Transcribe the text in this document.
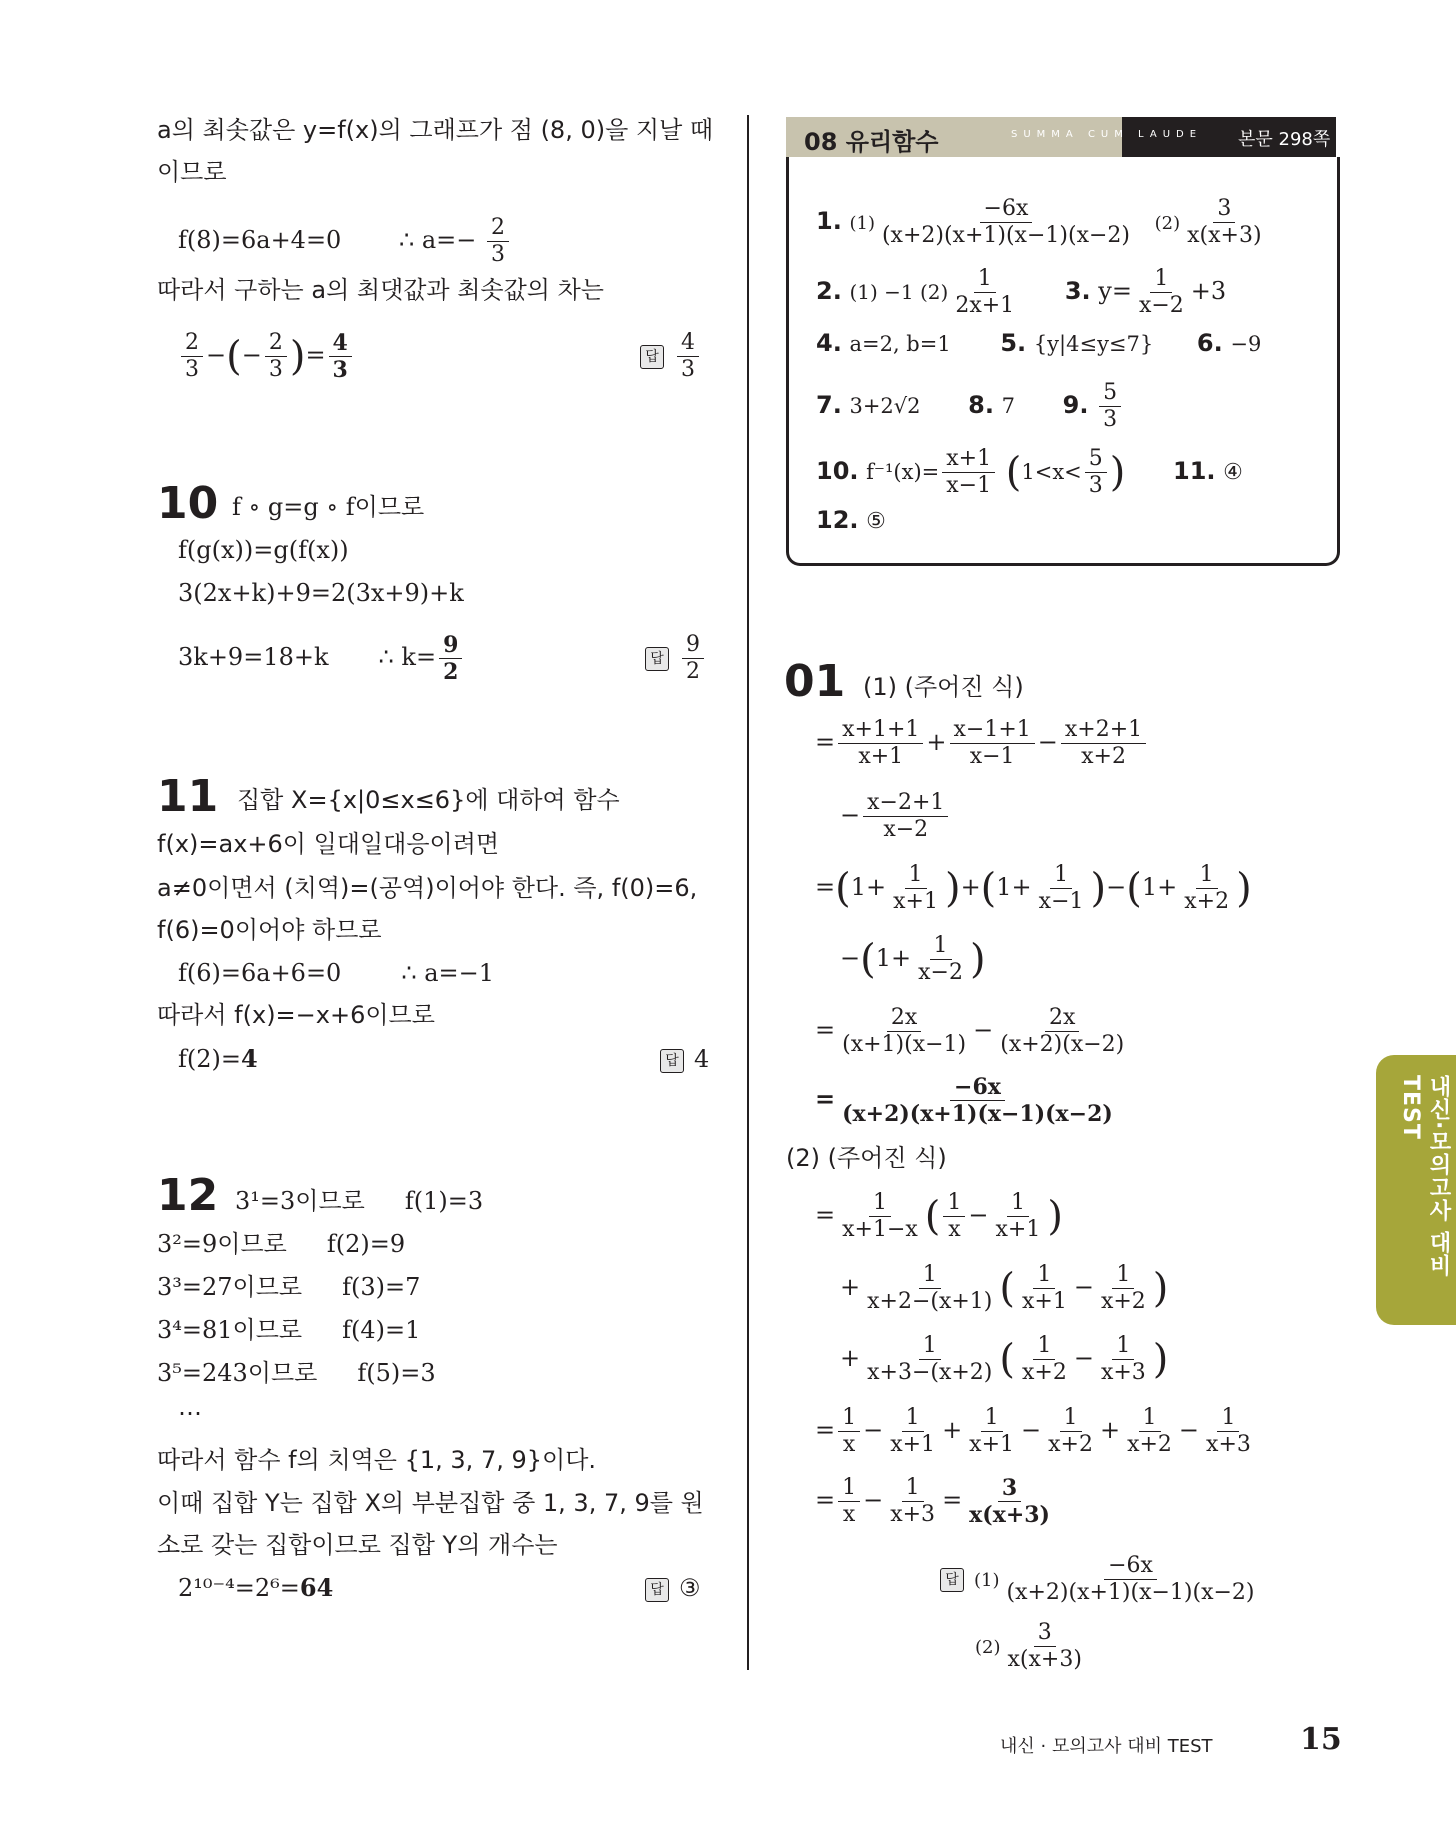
a의 최솟값은 y=f(x)의 그래프가 점 (8, 0)을 지날 때
이므로
f(8)=6a+4=0 ∴ $a=- \frac{2}{3}$
따라서 구하는 a의 최댓값과 최솟값의 차는
$\frac{2}{3}$ −(− $\frac{2}{3}$ )= $\frac{4}{3}$	답 $\frac{4}{3}$
10 f ∘ g=g ∘ f이므로
f(g(x))=g(f(x))
3(2x+k)+9=2(3x+9)+k
3k+9=18+k ∴ $k= \frac{9}{2}$	답 $\frac{9}{2}$
11 집합 X={x|0≤x≤6}에 대하여 함수
f(x)=ax+6이 일대일대응이려면
a≠0이면서 (치역)=(공역)이어야 한다. 즉, f(0)=6,
f(6)=0이어야 하므로
f(6)=6a+6=0	∴ a=−1
따라서 f(x)=−x+6이므로
f(2)=4	답 4
12 3¹=3이므로 f(1)=3
3²=9이므로 f(2)=9
3³=27이므로 f(3)=7
3⁴=81이므로 f(4)=1
3⁵=243이므로 f(5)=3
⋯
따라서 함수 f의 치역은 {1, 3, 7, 9}이다.
이때 집합 Y는 집합 X의 부분집합 중 1, 3, 7, 9를 원
소로 갖는 집합이므로 집합 Y의 개수는
2¹⁰⁻⁴=2⁶=64	답 ③
08 유리함수	SUMMA CUM LAUDE 본문 298쪽
1. $(1) \frac{-6x}{(x+2)(x+1)(x-1)(x-2)} (2) \frac{3}{x(x+3)}$
2. (1) −1 $(2) \frac{1}{2x+1} 3$. $y= \frac{1}{x-2} +3$
4. a=2, b=1 5. {y|4≤y≤7} 6. −9
7. 3+2√2 8. 7 9. $\frac{5}{3}$
10. $f^{-1}(x)= \frac{x+1}{x-1} (1<x< \frac{5}{3}$ ) 11. ④
12. ⑤
01 (1) (주어진 식)
= $\frac{x+1+1}{x+1} + \frac{x-1+1}{x-1} - \frac{x+2+1}{x+2}$
− $\frac{x-2+1}{x-2}$
$=(1+ \frac{1}{x+1} )+(1+ \frac{1}{x-1} )-(1+ \frac{1}{x+2}$ )
$-(1+ \frac{1}{x-2}$ )
= $\frac{2x}{(x+1)(x-1)} - \frac{2x}{(x+2)(x-2)}$
= $\frac{-6x}{(x+2)(x+1)(x-1)(x-2)}$
(2) (주어진 식)
= $\frac{1}{x+1-x}$ ( $\frac{1}{x} - \frac{1}{x+1}$ )
+ $\frac{1}{x+2-(x+1)}$ ( $\frac{1}{x+1} - \frac{1}{x+2}$ )
+ $\frac{1}{x+3-(x+2)}$ ( $\frac{1}{x+2} - \frac{1}{x+3}$ )
= $\frac{1}{x} - \frac{1}{x+1} + \frac{1}{x+1} - \frac{1}{x+2} + \frac{1}{x+2} - \frac{1}{x+3}$
= $\frac{1}{x} - \frac{1}{x+3} = \frac{3}{x(x+3)}$
답 $(1) \frac{-6x}{(x+2)(x+1)(x-1)(x-2)}$
$(2) \frac{3}{x(x+3)}$
내신·모의고사 대비 TEST
내신 · 모의고사 대비 TEST	15
